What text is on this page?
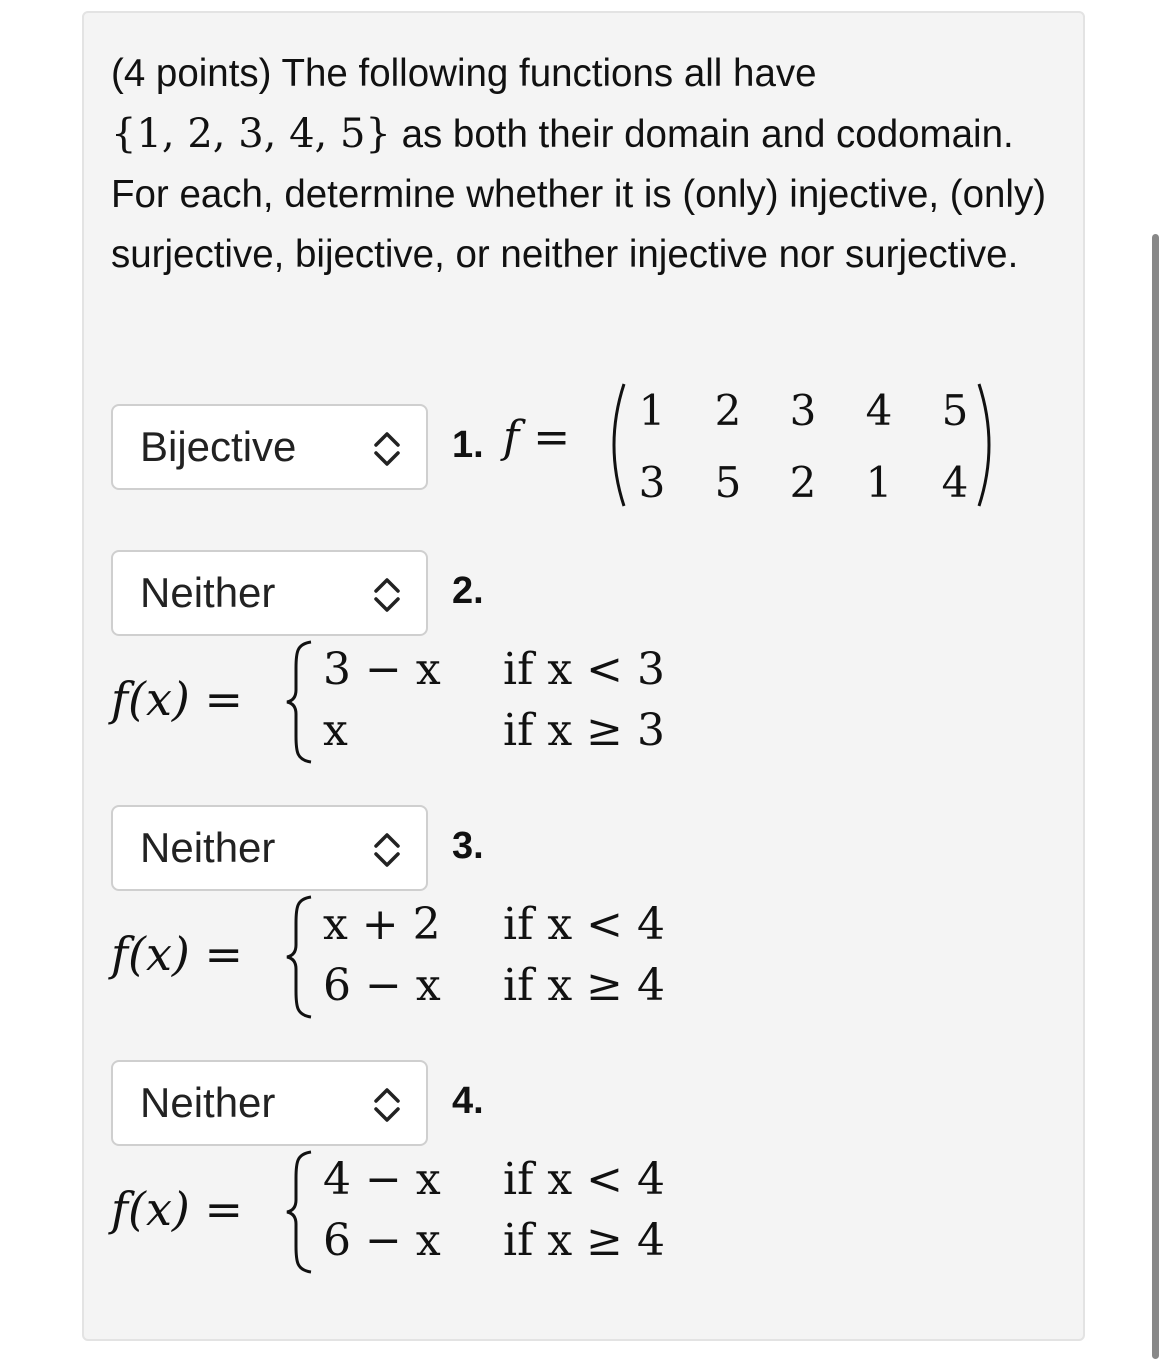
(4 points) The following functions all have
{1, 2, 3, 4, 5} as both their domain and codomain. For each, determine whether it is (only) injective, (only) surjective, bijective, or neither injective nor surjective.

Bijective	1. f =
1 2 3 4 5
3 5 2 1 4
Neither	2.
f(x) =
3 − x if x < 3
x	if x ≥ 3
Neither	3.
f(x) =
x + 2 if x < 4
6 − x if x ≥ 4
Neither	4.
f(x) =
4 − x if x < 4
6 − x if x ≥ 4
